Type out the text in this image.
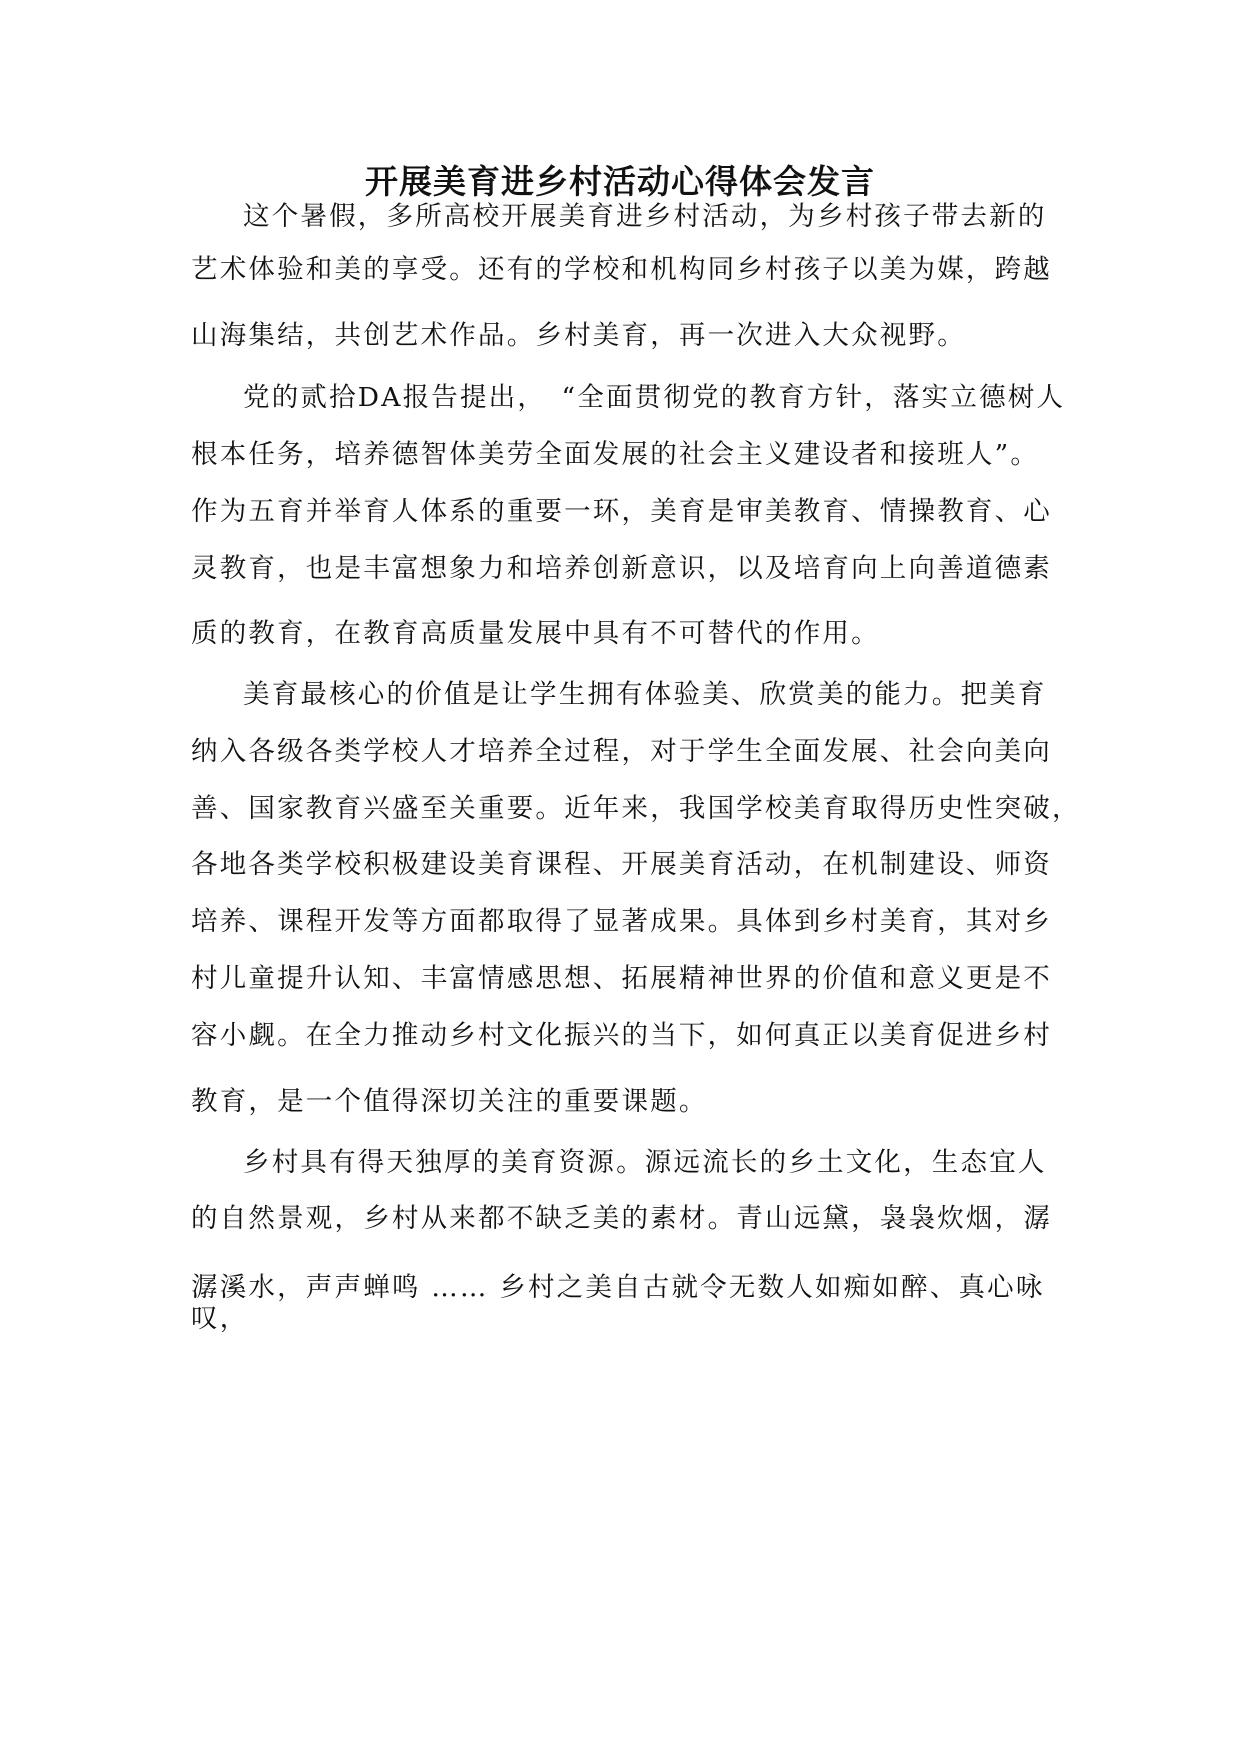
开展美育进乡村活动心得体会发言

这个暑假，多所高校开展美育进乡村活动，为乡村孩子带去新的

艺术体验和美的享受。还有的学校和机构同乡村孩子以美为媒，跨越

山海集结，共创艺术作品。乡村美育，再一次进入大众视野。

党的贰拾DA报告提出，　“全面贯彻党的教育方针，落实立德树人

根本任务，培养德智体美劳全面发展的社会主义建设者和接班人”。

作为五育并举育人体系的重要一环，美育是审美教育、情操教育、心

灵教育，也是丰富想象力和培养创新意识，以及培育向上向善道德素

质的教育，在教育高质量发展中具有不可替代的作用。

美育最核心的价值是让学生拥有体验美、欣赏美的能力。把美育

纳入各级各类学校人才培养全过程，对于学生全面发展、社会向美向

善、国家教育兴盛至关重要。近年来，我国学校美育取得历史性突破，

各地各类学校积极建设美育课程、开展美育活动，在机制建设、师资

培养、课程开发等方面都取得了显著成果。具体到乡村美育，其对乡

村儿童提升认知、丰富情感思想、拓展精神世界的价值和意义更是不

容小觑。在全力推动乡村文化振兴的当下，如何真正以美育促进乡村

教育，是一个值得深切关注的重要课题。

乡村具有得天独厚的美育资源。源远流长的乡土文化，生态宜人

的自然景观，乡村从来都不缺乏美的素材。青山远黛，袅袅炊烟，潺

潺溪水，声声蝉鸣 …… 乡村之美自古就令无数人如痴如醉、真心咏

叹，
